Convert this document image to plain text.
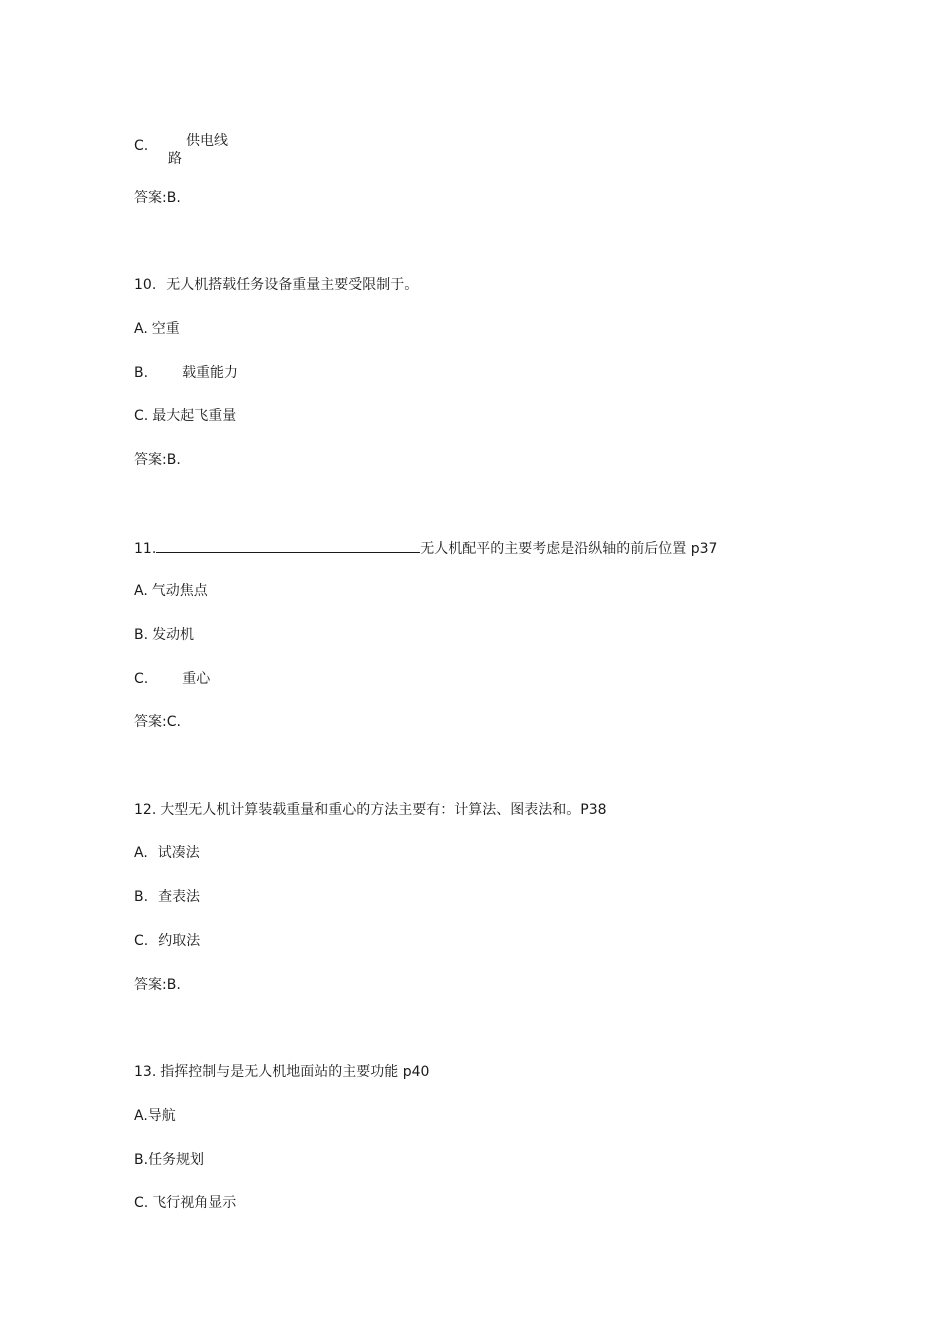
C.	供电线
路
答案:B.
10. 无人机搭载任务设备重量主要受限制于。
A. 空重
B. 载重能力
C. 最大起飞重量
答案:B.
11.	无人机配平的主要考虑是沿纵轴的前后位置 p37
A. 气动焦点
B. 发动机
C. 重心
答案:C.
12. 大型无人机计算装载重量和重心的方法主要有：计算法、图表法和。P38
A. 试凑法
B. 查表法
C. 约取法
答案:B.
13. 指挥控制与是无人机地面站的主要功能 p40
A.导航
B.任务规划
C. 飞行视角显示
